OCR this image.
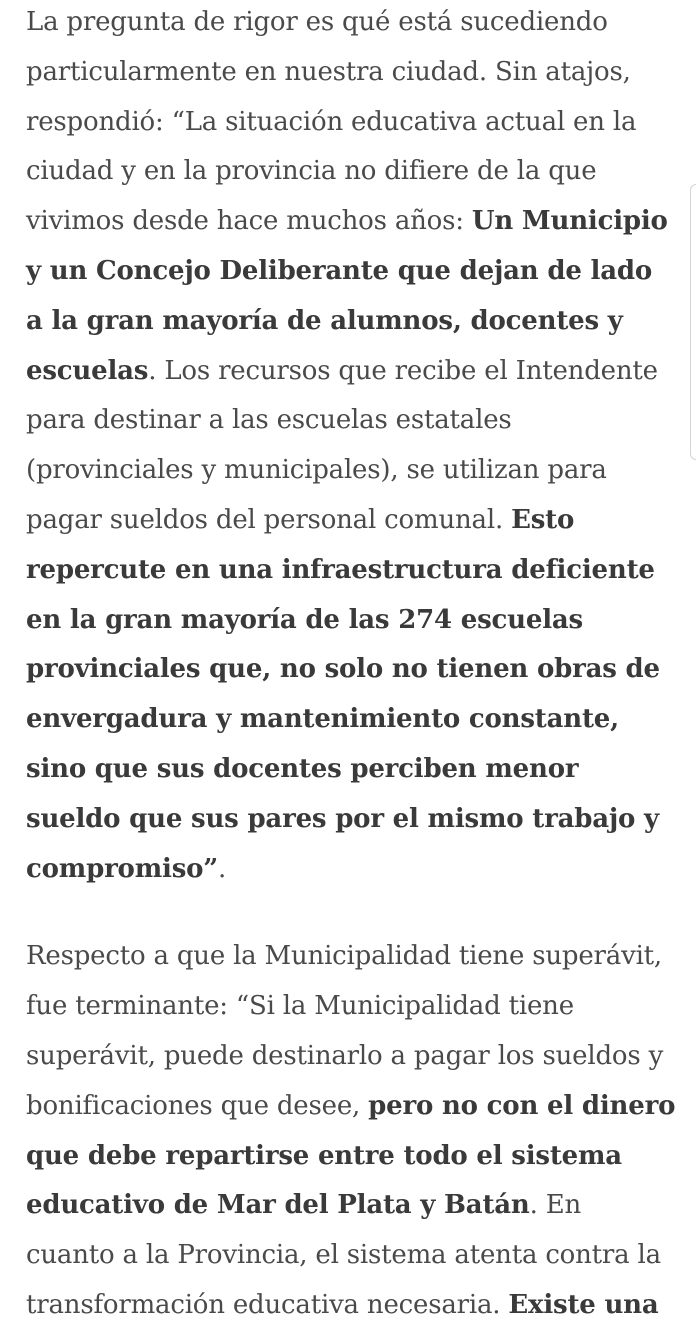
La pregunta de rigor es qué está sucediendo particularmente en nuestra ciudad. Sin atajos, respondió: “La situación educativa actual en la ciudad y en la provincia no difiere de la que vivimos desde hace muchos años: Un Municipio y un Concejo Deliberante que dejan de lado a la gran mayoría de alumnos, docentes y escuelas. Los recursos que recibe el Intendente para destinar a las escuelas estatales (provinciales y municipales), se utilizan para pagar sueldos del personal comunal. Esto repercute en una infraestructura deficiente en la gran mayoría de las 274 escuelas provinciales que, no solo no tienen obras de envergadura y mantenimiento constante, sino que sus docentes perciben menor sueldo que sus pares por el mismo trabajo y compromiso”.

Respecto a que la Municipalidad tiene superávit, fue terminante: “Si la Municipalidad tiene superávit, puede destinarlo a pagar los sueldos y bonificaciones que desee, pero no con el dinero que debe repartirse entre todo el sistema educativo de Mar del Plata y Batán. En cuanto a la Provincia, el sistema atenta contra la transformación educativa necesaria. Existe una
